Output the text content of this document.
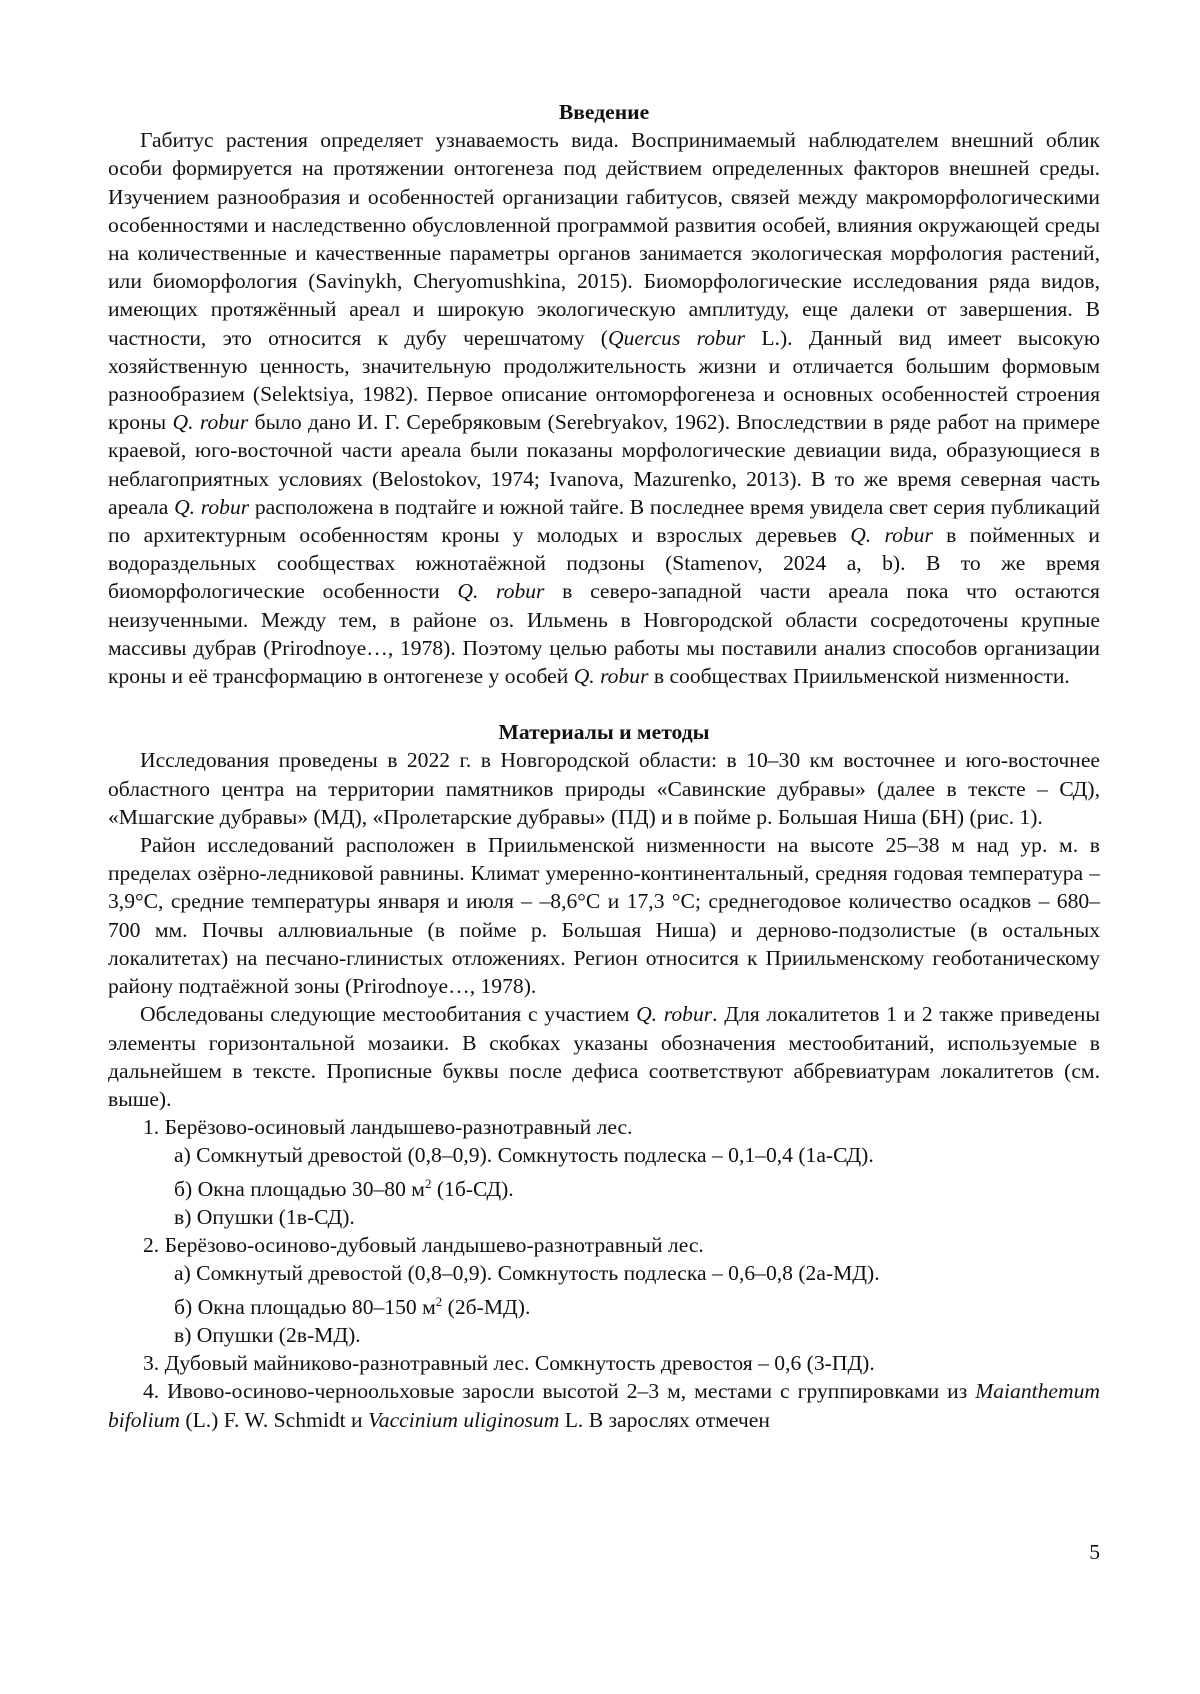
Введение

Габитус растения определяет узнаваемость вида. Воспринимаемый наблюдателем внешний облик особи формируется на протяжении онтогенеза под действием определенных факторов внешней среды. Изучением разнообразия и особенностей организации габитусов, связей между макроморфологическими особенностями и наследственно обусловленной программой развития особей, влияния окружающей среды на количественные и качественные параметры органов занимается экологическая морфология растений, или биоморфология (Savinykh, Cheryomushkina, 2015). Биоморфологические исследования ряда видов, имеющих протяжённый ареал и широкую экологическую амплитуду, еще далеки от завершения. В частности, это относится к дубу черешчатому (Quercus robur L.). Данный вид имеет высокую хозяйственную ценность, значительную продолжительность жизни и отличается большим формовым разнообразием (Selektsiya, 1982). Первое описание онтоморфогенеза и основных особенностей строения кроны Q. robur было дано И. Г. Серебряковым (Serebryakov, 1962). Впоследствии в ряде работ на примере краевой, юго-восточной части ареала были показаны морфологические девиации вида, образующиеся в неблагоприятных условиях (Belostokov, 1974; Ivanova, Mazurenko, 2013). В то же время северная часть ареала Q. robur расположена в подтайге и южной тайге. В последнее время увидела свет серия публикаций по архитектурным особенностям кроны у молодых и взрослых деревьев Q. robur в пойменных и водораздельных сообществах южнотаёжной подзоны (Stamenov, 2024 a, b). В то же время биоморфологические особенности Q. robur в северо-западной части ареала пока что остаются неизученными. Между тем, в районе оз. Ильмень в Новгородской области сосредоточены крупные массивы дубрав (Prirodnoye…, 1978). Поэтому целью работы мы поставили анализ способов организации кроны и её трансформацию в онтогенезе у особей Q. robur в сообществах Приильменской низменности.

Материалы и методы

Исследования проведены в 2022 г. в Новгородской области: в 10–30 км восточнее и юго-восточнее областного центра на территории памятников природы «Савинские дубравы» (далее в тексте – СД), «Мшагские дубравы» (МД), «Пролетарские дубравы» (ПД) и в пойме р. Большая Ниша (БН) (рис. 1).

Район исследований расположен в Приильменской низменности на высоте 25–38 м над ур. м. в пределах озёрно-ледниковой равнины. Климат умеренно-континентальный, средняя годовая температура – 3,9°С, средние температуры января и июля – –8,6°С и 17,3 °С; среднегодовое количество осадков – 680–700 мм. Почвы аллювиальные (в пойме р. Большая Ниша) и дерново-подзолистые (в остальных локалитетах) на песчано-глинистых отложениях. Регион относится к Приильменскому геоботаническому району подтаёжной зоны (Prirodnoye…, 1978).

Обследованы следующие местообитания с участием Q. robur. Для локалитетов 1 и 2 также приведены элементы горизонтальной мозаики. В скобках указаны обозначения местообитаний, используемые в дальнейшем в тексте. Прописные буквы после дефиса соответствуют аббревиатурам локалитетов (см. выше).

1. Берёзово-осиновый ландышево-разнотравный лес.

а) Сомкнутый древостой (0,8–0,9). Сомкнутость подлеска – 0,1–0,4 (1а-СД).

б) Окна площадью 30–80 $м^2$ (1б-СД).

в) Опушки (1в-СД).

2. Берёзово-осиново-дубовый ландышево-разнотравный лес.

а) Сомкнутый древостой (0,8–0,9). Сомкнутость подлеска – 0,6–0,8 (2а-МД).

б) Окна площадью 80–150 $м^2$ (2б-МД).

в) Опушки (2в-МД).

3. Дубовый майниково-разнотравный лес. Сомкнутость древостоя – 0,6 (3-ПД).

4. Ивово-осиново-черноольховые заросли высотой 2–3 м, местами с группировками из Maianthemum bifolium (L.) F. W. Schmidt и Vaccinium uliginosum L. В зарослях отмечен

5
